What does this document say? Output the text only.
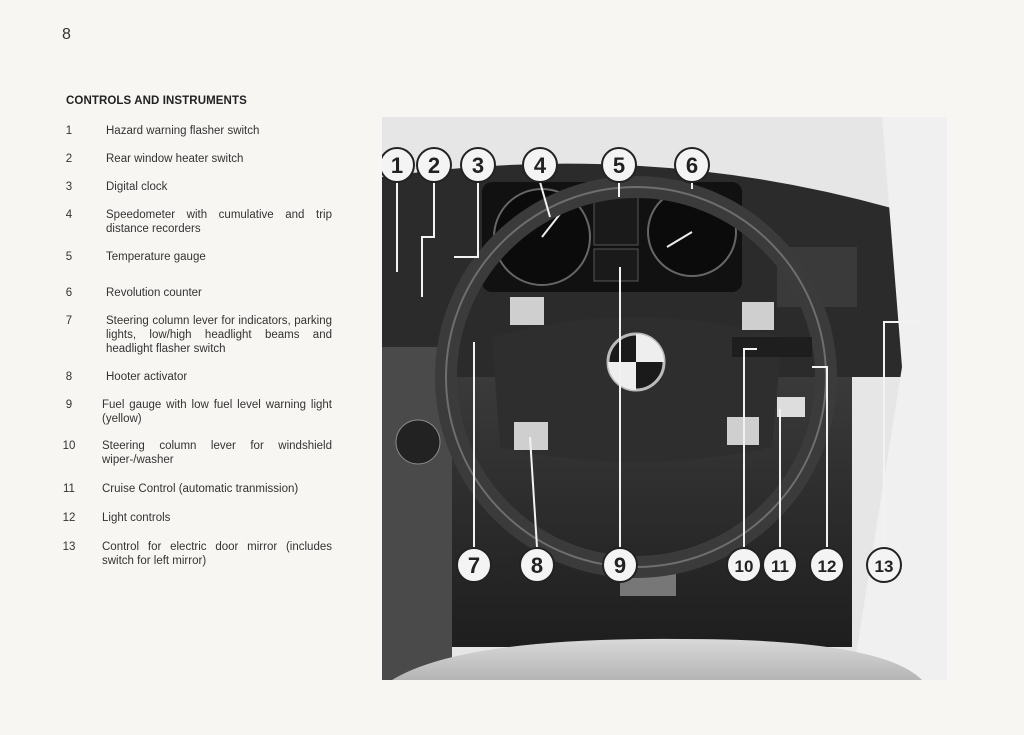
8
CONTROLS AND INSTRUMENTS
1	Hazard warning flasher switch
2	Rear window heater switch
3	Digital clock
4	Speedometer with cumulative and trip distance recorders
5	Temperature gauge
6	Revolution counter
7	Steering column lever for indicators, parking lights, low/high headlight beams and headlight flasher switch
8	Hooter activator
9	Fuel gauge with low fuel level warning light (yellow)
10	Steering column lever for windshield wiper-/washer
11	Cruise Control (automatic tranmission)
12	Light controls
13	Control for electric door mirror (includes switch for left mirror)
1 2 3 4	5	6
7 8	9	10 11 12 13
